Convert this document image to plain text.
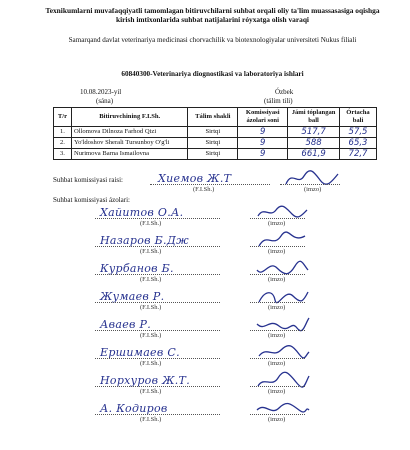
Texnikumlarni muvafaqqiyatli tamomlagan bitiruvchilarni suhbat orqali oliy ta'lim muassasasiga oqishga kirish imtixonlarida suhbat natijalarini róyxatga olish varaqi
Samarqand davlat veterinariya medicinasi chorvachilik va biotexnologiyalar universiteti Nukus filiali
60840300-Veterinariya diognostikasi va laboratoriya ishlari
10.08.2023-yil
(sána)
Ózbek
(tálim tili)
T/r	Bitiruvchining F.I.Sh.	Tálim shakli	Komissiyasi ázolari soni	Jámi tóplangan ball	Órtacha bali
1.	Ollomova Dilnoza Farhod Qizi	Sirtqi	9	517,7	57,5
2.	Yo'ldoshov Sherali Tursunboy O'g'li	Sirtqi	9	588	65,3
3.	Nurimova Barna Ismailovna	Sirtqi	9	661,9	72,7
Suhbat komissiyasi raisi:	Хиемов Ж.Т
(F.I.Sh.)	(imzo)
Suhbat komissiyasi ázolari:
Хайитов О.А.
(F.I.Sh.)	(imzo)
Назаров Б.Дж
(F.I.Sh.)	(imzo)
Курбанов Б.
(F.I.Sh.)	(imzo)
Жумаев Р.
(F.I.Sh.)	(imzo)
Аваев Р.
(F.I.Sh.)	(imzo)
Ершимаев С.
(F.I.Sh.)	(imzo)
Норхуров Ж.Т.
(F.I.Sh.)	(imzo)
А. Кодиров
(F.I.Sh.)	(imzo)
